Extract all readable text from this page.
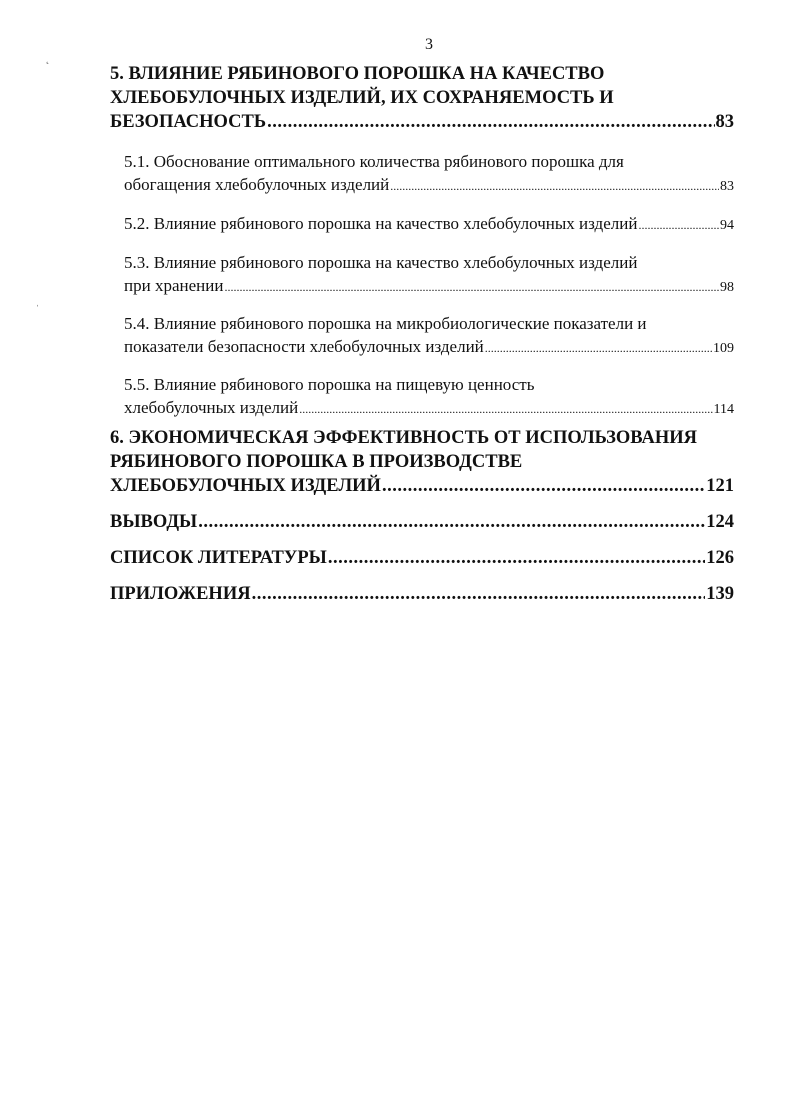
3
˛
ˌ
5. ВЛИЯНИЕ РЯБИНОВОГО ПОРОШКА НА КАЧЕСТВО
ХЛЕБОБУЛОЧНЫХ ИЗДЕЛИЙ, ИХ СОХРАНЯЕМОСТЬ И
БЕЗОПАСНОСТЬ .....	83
5.1. Обоснование оптимального количества рябинового порошка для
обогащения хлебобулочных изделий .....	83
5.2. Влияние рябинового порошка на качество хлебобулочных изделий .....	94
5.3. Влияние рябинового порошка на качество хлебобулочных изделий
при хранении .....	98
5.4. Влияние рябинового порошка на микробиологические показатели и
показатели безопасности хлебобулочных изделий .....	109
5.5. Влияние рябинового порошка на пищевую ценность
хлебобулочных изделий .....	114
6. ЭКОНОМИЧЕСКАЯ ЭФФЕКТИВНОСТЬ ОТ ИСПОЛЬЗОВАНИЯ
РЯБИНОВОГО ПОРОШКА В ПРОИЗВОДСТВЕ
ХЛЕБОБУЛОЧНЫХ ИЗДЕЛИЙ .....	121
ВЫВОДЫ .....	124
СПИСОК ЛИТЕРАТУРЫ .....	126
ПРИЛОЖЕНИЯ .....	139
